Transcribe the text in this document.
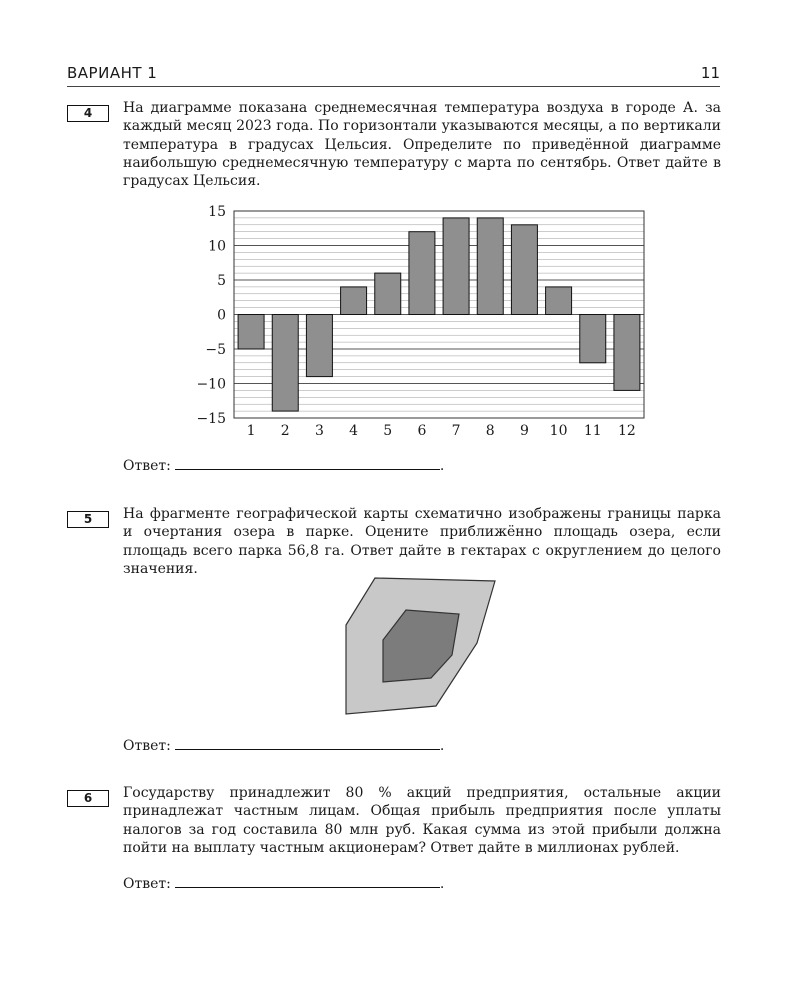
ВАРИАНТ 1	11
4	На диаграмме показана среднемесячная температура воздуха в городе А. за каждый месяц 2023 года. По горизонтали указываются месяцы, а по вертикали температура в градусах Цельсия. Определите по приведённой диаграмме наибольшую среднемесячную температуру с марта по сентябрь. Ответ дайте в градусах Цельсия.
15
10
5
0
−5
−10
−15
1 2 3 4 5 6 7 8 9 10 11 12
Ответ:	.
5	На фрагменте географической карты схематично изображены границы парка и очертания озера в парке. Оцените приближённо площадь озера, если площадь всего парка 56,8 га. Ответ дайте в гектарах с округлением до целого значения.
Ответ:	.
6	Государству принадлежит 80 % акций предприятия, остальные акции принадлежат частным лицам. Общая прибыль предприятия после уплаты налогов за год составила 80 млн руб. Какая сумма из этой прибыли должна пойти на выплату частным акционерам? Ответ дайте в миллионах рублей.
Ответ:	.
